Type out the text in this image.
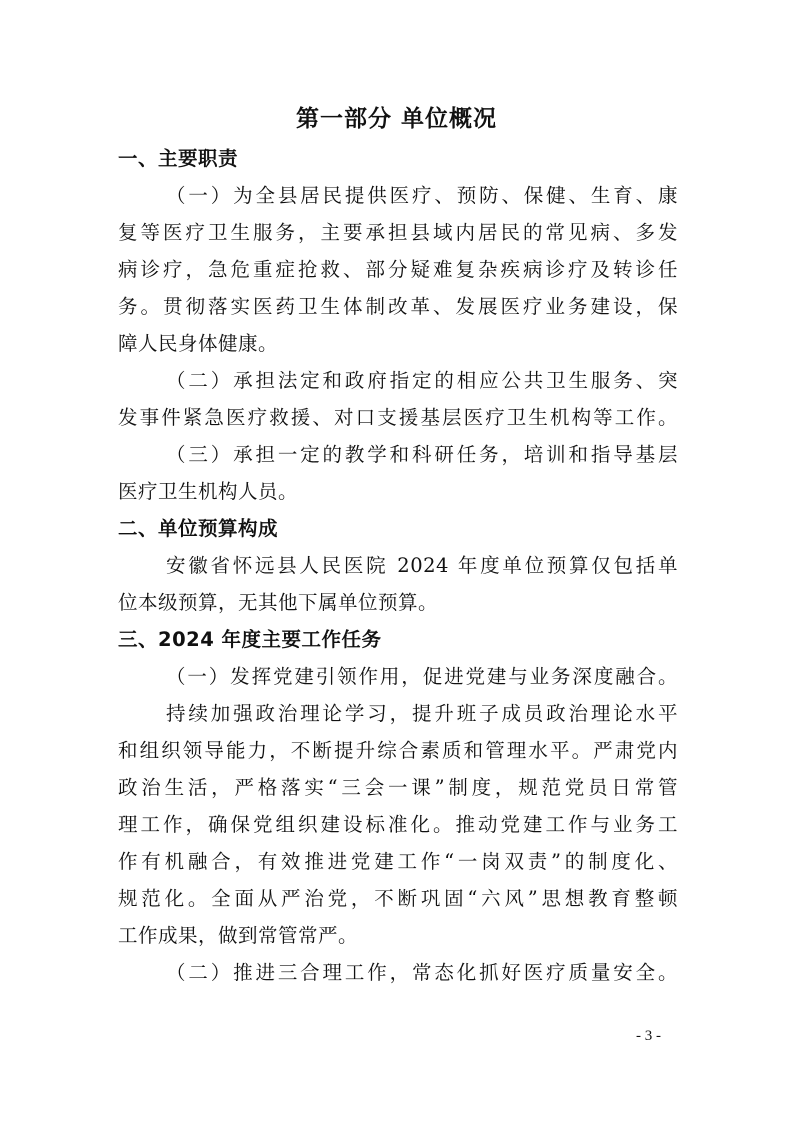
第一部分 单位概况
一、主要职责
（一）为全县居民提供医疗、预防、保健、生育、康
复等医疗卫生服务，主要承担县域内居民的常见病、多发
病诊疗，急危重症抢救、部分疑难复杂疾病诊疗及转诊任
务。贯彻落实医药卫生体制改革、发展医疗业务建设，保
障人民身体健康。
（二）承担法定和政府指定的相应公共卫生服务、突
发事件紧急医疗救援、对口支援基层医疗卫生机构等工作。
（三）承担一定的教学和科研任务，培训和指导基层
医疗卫生机构人员。
二、单位预算构成
安徽省怀远县人民医院 2024 年度单位预算仅包括单
位本级预算，无其他下属单位预算。
三、2024 年度主要工作任务
（一）发挥党建引领作用，促进党建与业务深度融合。
持续加强政治理论学习，提升班子成员政治理论水平
和组织领导能力，不断提升综合素质和管理水平。严肃党内
政治生活，严格落实“三会一课”制度，规范党员日常管
理工作，确保党组织建设标准化。推动党建工作与业务工
作有机融合，有效推进党建工作“一岗双责”的制度化、
规范化。全面从严治党，不断巩固“六风”思想教育整顿
工作成果，做到常管常严。
（二）推进三合理工作，常态化抓好医疗质量安全。
- 3 -
